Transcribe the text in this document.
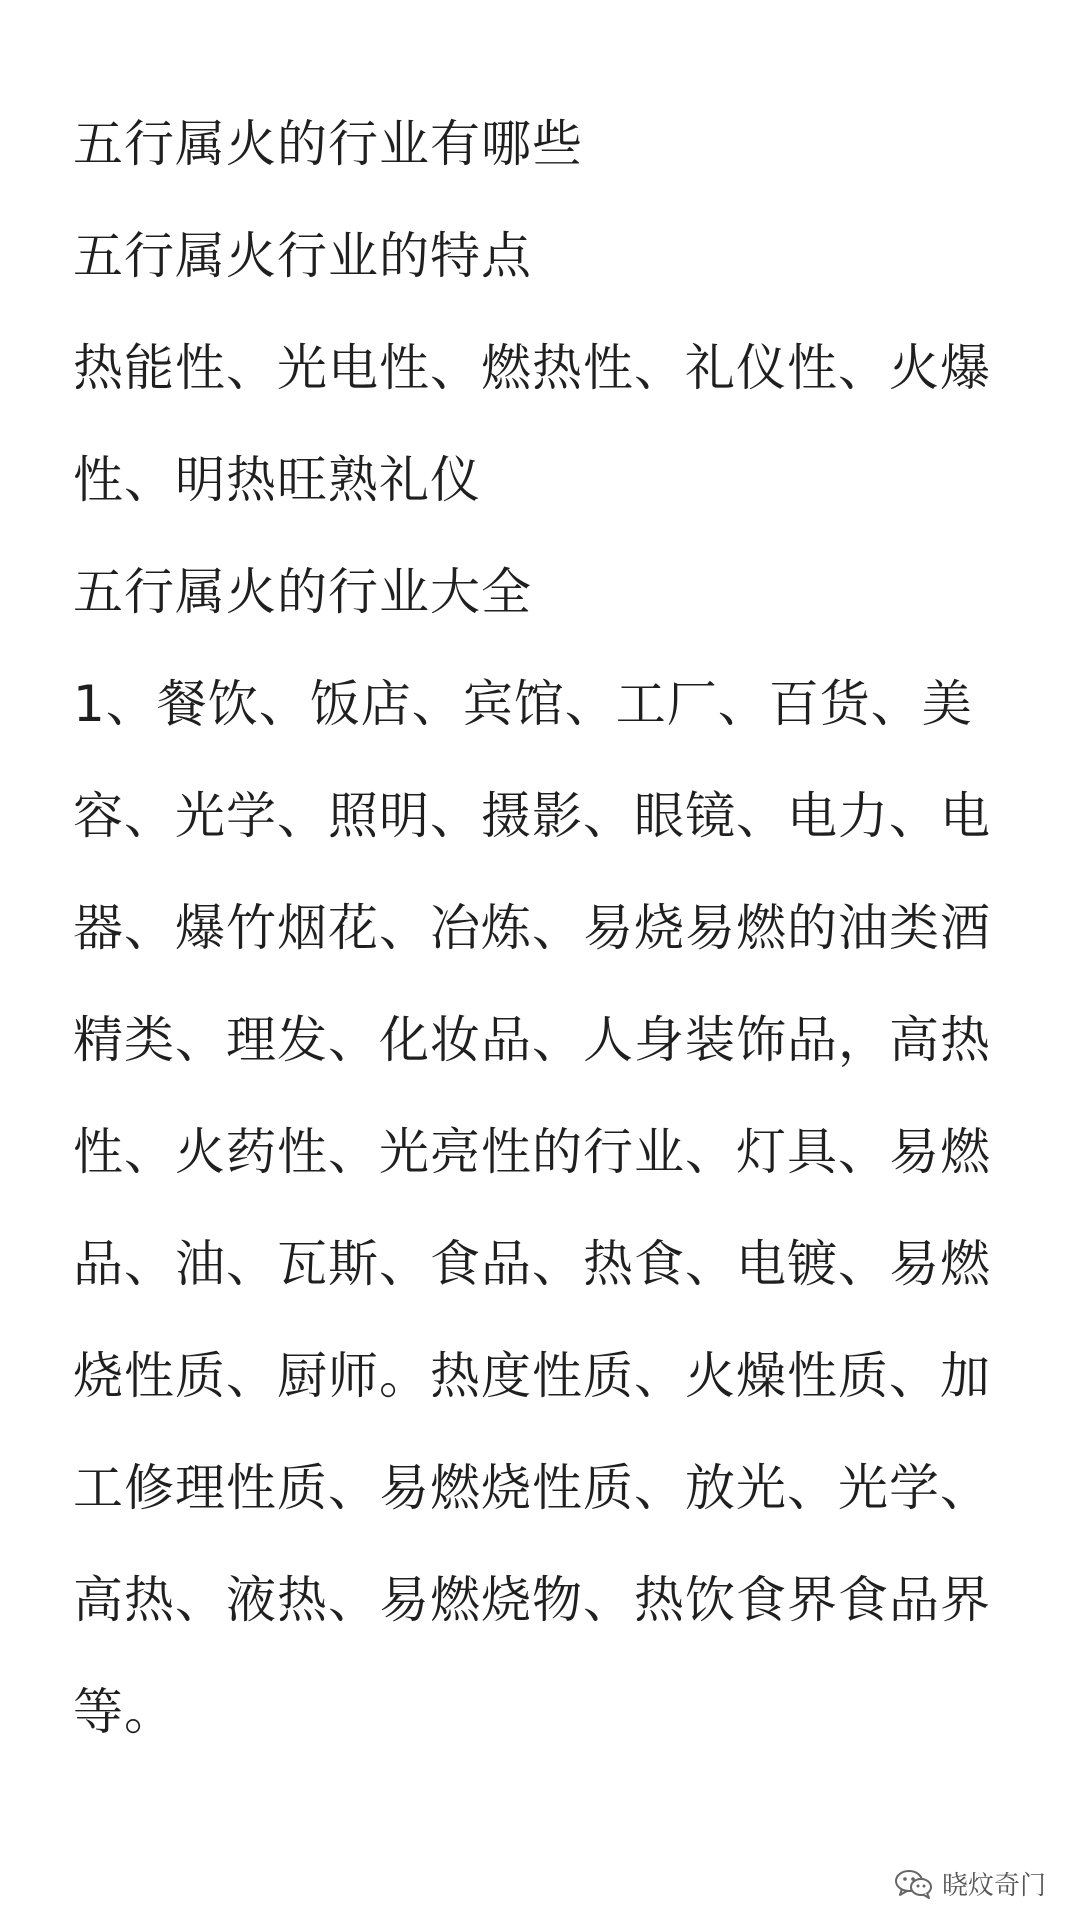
五行属火的行业有哪些

五行属火行业的特点

热能性、光电性、燃热性、礼仪性、火爆性、明热旺熟礼仪

五行属火的行业大全

1、餐饮、饭店、宾馆、工厂、百货、美容、光学、照明、摄影、眼镜、电力、电器、爆竹烟花、冶炼、易烧易燃的油类酒精类、理发、化妆品、人身装饰品，高热性、火药性、光亮性的行业、灯具、易燃品、油、瓦斯、食品、热食、电镀、易燃烧性质、厨师。热度性质、火燥性质、加工修理性质、易燃烧性质、放光、光学、高热、液热、易燃烧物、热饮食界食品界等。

晓炆奇门
